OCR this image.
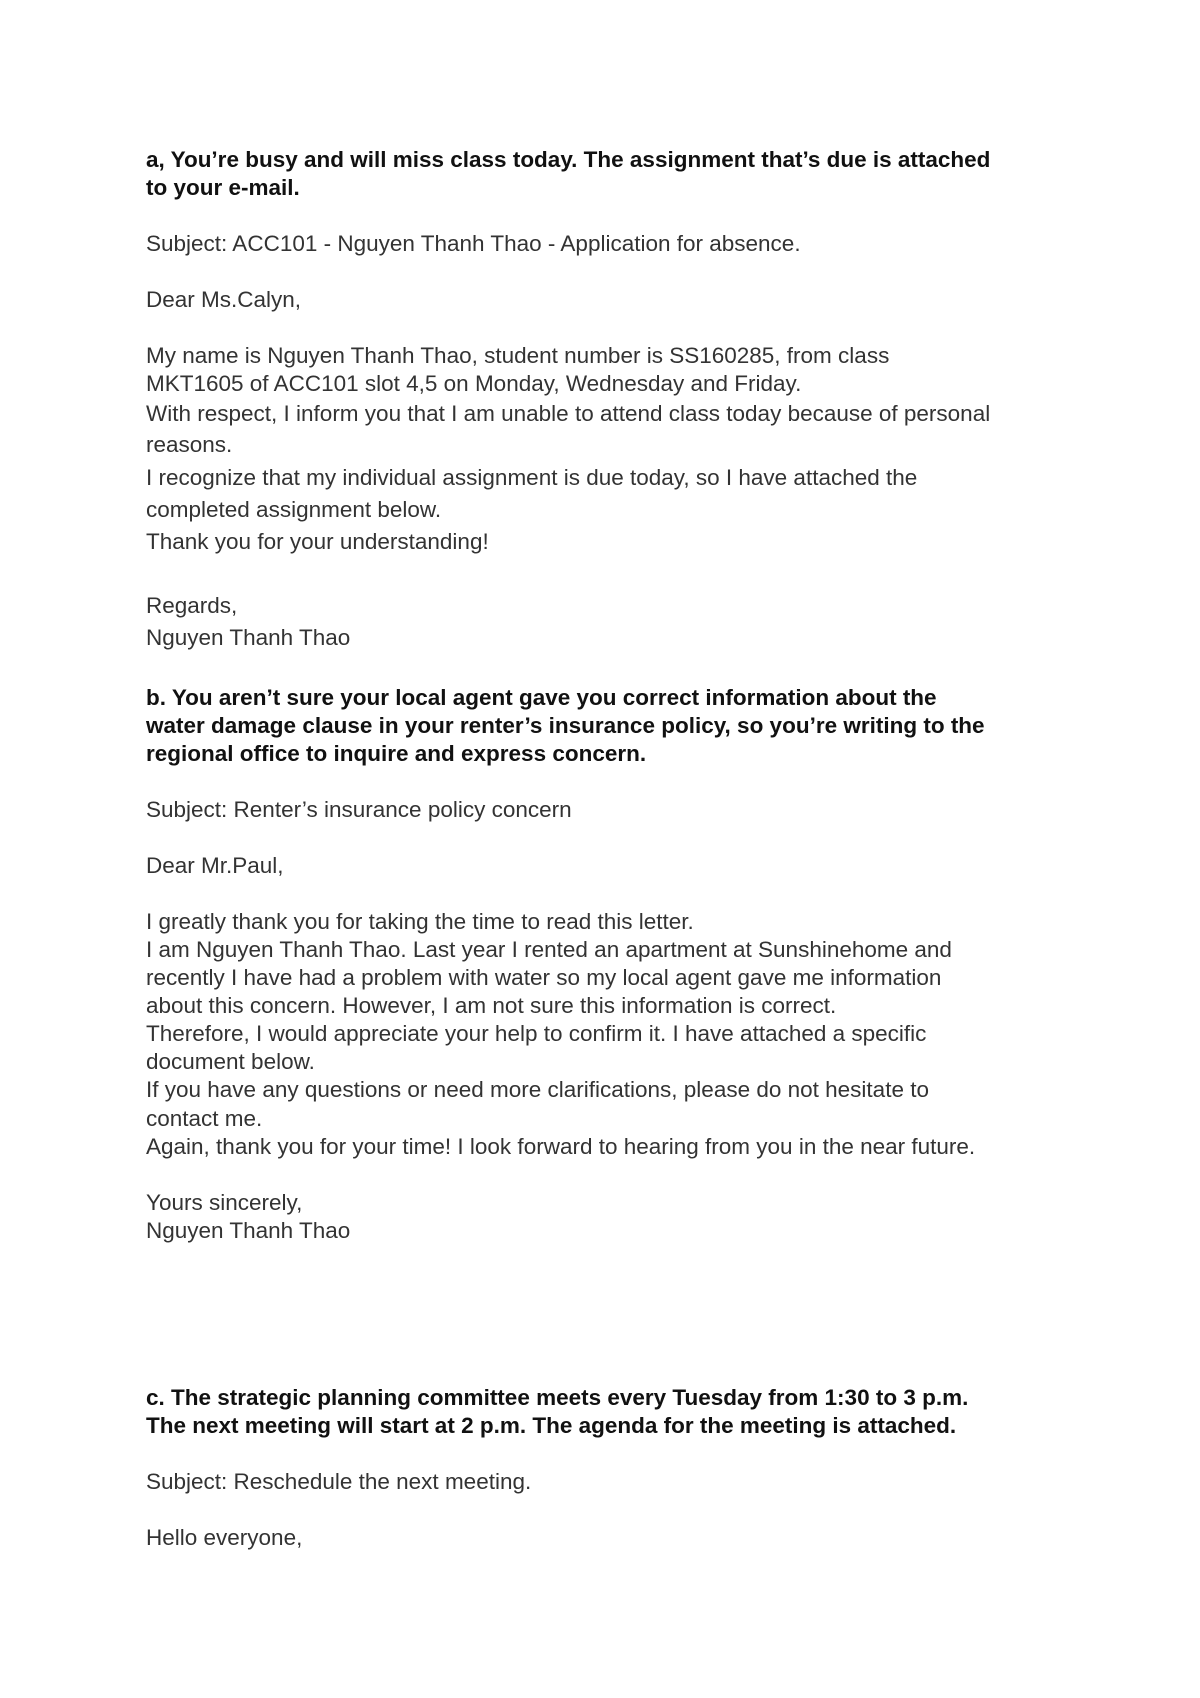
a, You’re busy and will miss class today. The assignment that’s due is attached

to your e-mail.

Subject: ACC101 - Nguyen Thanh Thao - Application for absence.

Dear Ms.Calyn,

My name is Nguyen Thanh Thao, student number is SS160285, from class

MKT1605 of ACC101 slot 4,5 on Monday, Wednesday and Friday.

With respect, I inform you that I am unable to attend class today because of personal

reasons.

I recognize that my individual assignment is due today, so I have attached the

completed assignment below.

Thank you for your understanding!

Regards,

Nguyen Thanh Thao

b. You aren’t sure your local agent gave you correct information about the

water damage clause in your renter’s insurance policy, so you’re writing to the

regional office to inquire and express concern.

Subject: Renter’s insurance policy concern

Dear Mr.Paul,

I greatly thank you for taking the time to read this letter.

I am Nguyen Thanh Thao. Last year I rented an apartment at Sunshinehome and

recently I have had a problem with water so my local agent gave me information

about this concern. However, I am not sure this information is correct.

Therefore, I would appreciate your help to confirm it. I have attached a specific

document below.

If you have any questions or need more clarifications, please do not hesitate to

contact me.

Again, thank you for your time! I look forward to hearing from you in the near future.

Yours sincerely,

Nguyen Thanh Thao

c. The strategic planning committee meets every Tuesday from 1:30 to 3 p.m.

The next meeting will start at 2 p.m. The agenda for the meeting is attached.

Subject: Reschedule the next meeting.

Hello everyone,
